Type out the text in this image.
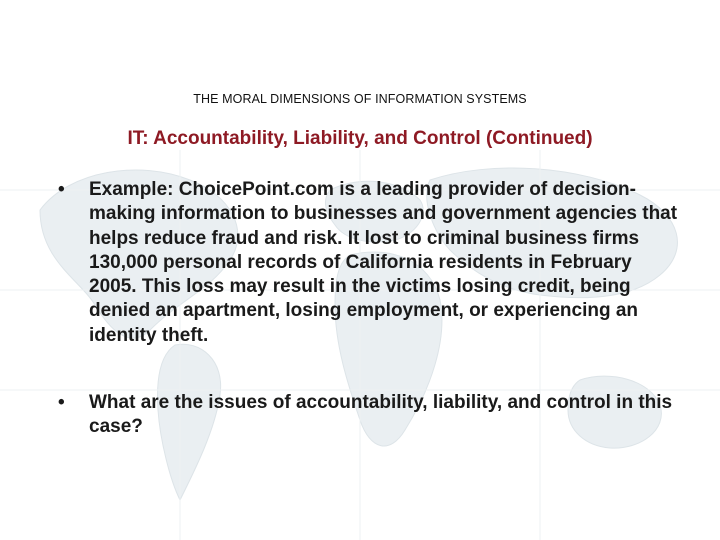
THE MORAL DIMENSIONS OF INFORMATION SYSTEMS
IT: Accountability, Liability, and Control (Continued)
• Example: ChoicePoint.com is a leading provider of decision-making information to businesses and government agencies that helps reduce fraud and risk. It lost to criminal business firms 130,000 personal records of California residents in February 2005. This loss may result in the victims losing credit, being denied an apartment, losing employment, or experiencing an identity theft.
• What are the issues of accountability, liability, and control in this case?
